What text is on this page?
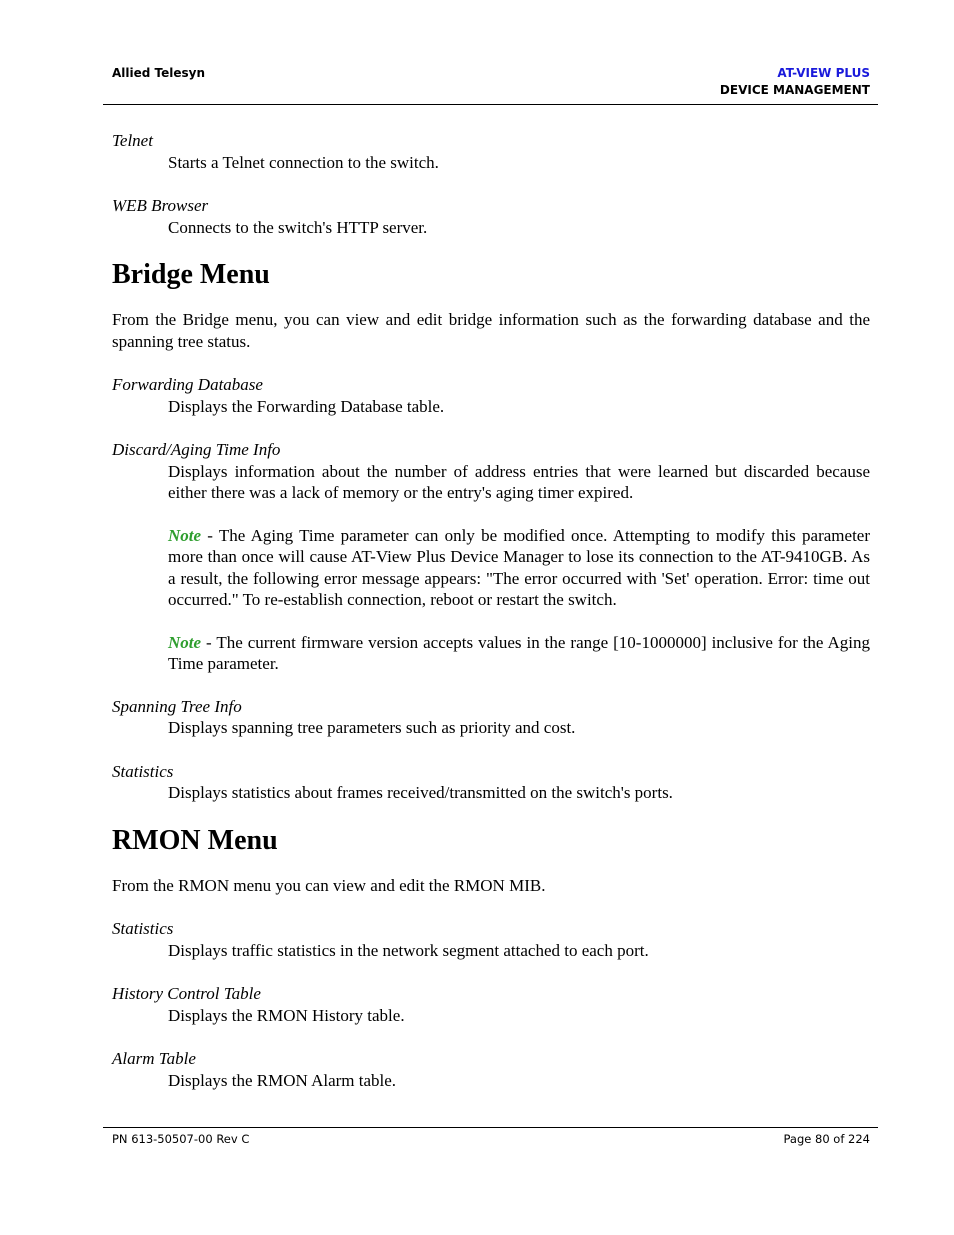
Allied Telesyn	AT-VIEW PLUS
DEVICE MANAGEMENT

Telnet

Starts a Telnet connection to the switch.

WEB Browser

Connects to the switch's HTTP server.

Bridge Menu

From the Bridge menu, you can view and edit bridge information such as the forwarding database and the spanning tree status.

Forwarding Database

Displays the Forwarding Database table.

Discard/Aging Time Info

Displays information about the number of address entries that were learned but discarded because either there was a lack of memory or the entry's aging timer expired.

Note - The Aging Time parameter can only be modified once. Attempting to modify this parameter more than once will cause AT-View Plus Device Manager to lose its connection to the AT-9410GB. As a result, the following error message appears: "The error occurred with 'Set' operation. Error: time out occurred." To re-establish connection, reboot or restart the switch.

Note - The current firmware version accepts values in the range [10-1000000] inclusive for the Aging Time parameter.

Spanning Tree Info

Displays spanning tree parameters such as priority and cost.

Statistics

Displays statistics about frames received/transmitted on the switch's ports.

RMON Menu

From the RMON menu you can view and edit the RMON MIB.

Statistics

Displays traffic statistics in the network segment attached to each port.

History Control Table

Displays the RMON History table.

Alarm Table

Displays the RMON Alarm table.

PN 613-50507-00 Rev C	Page 80 of 224
